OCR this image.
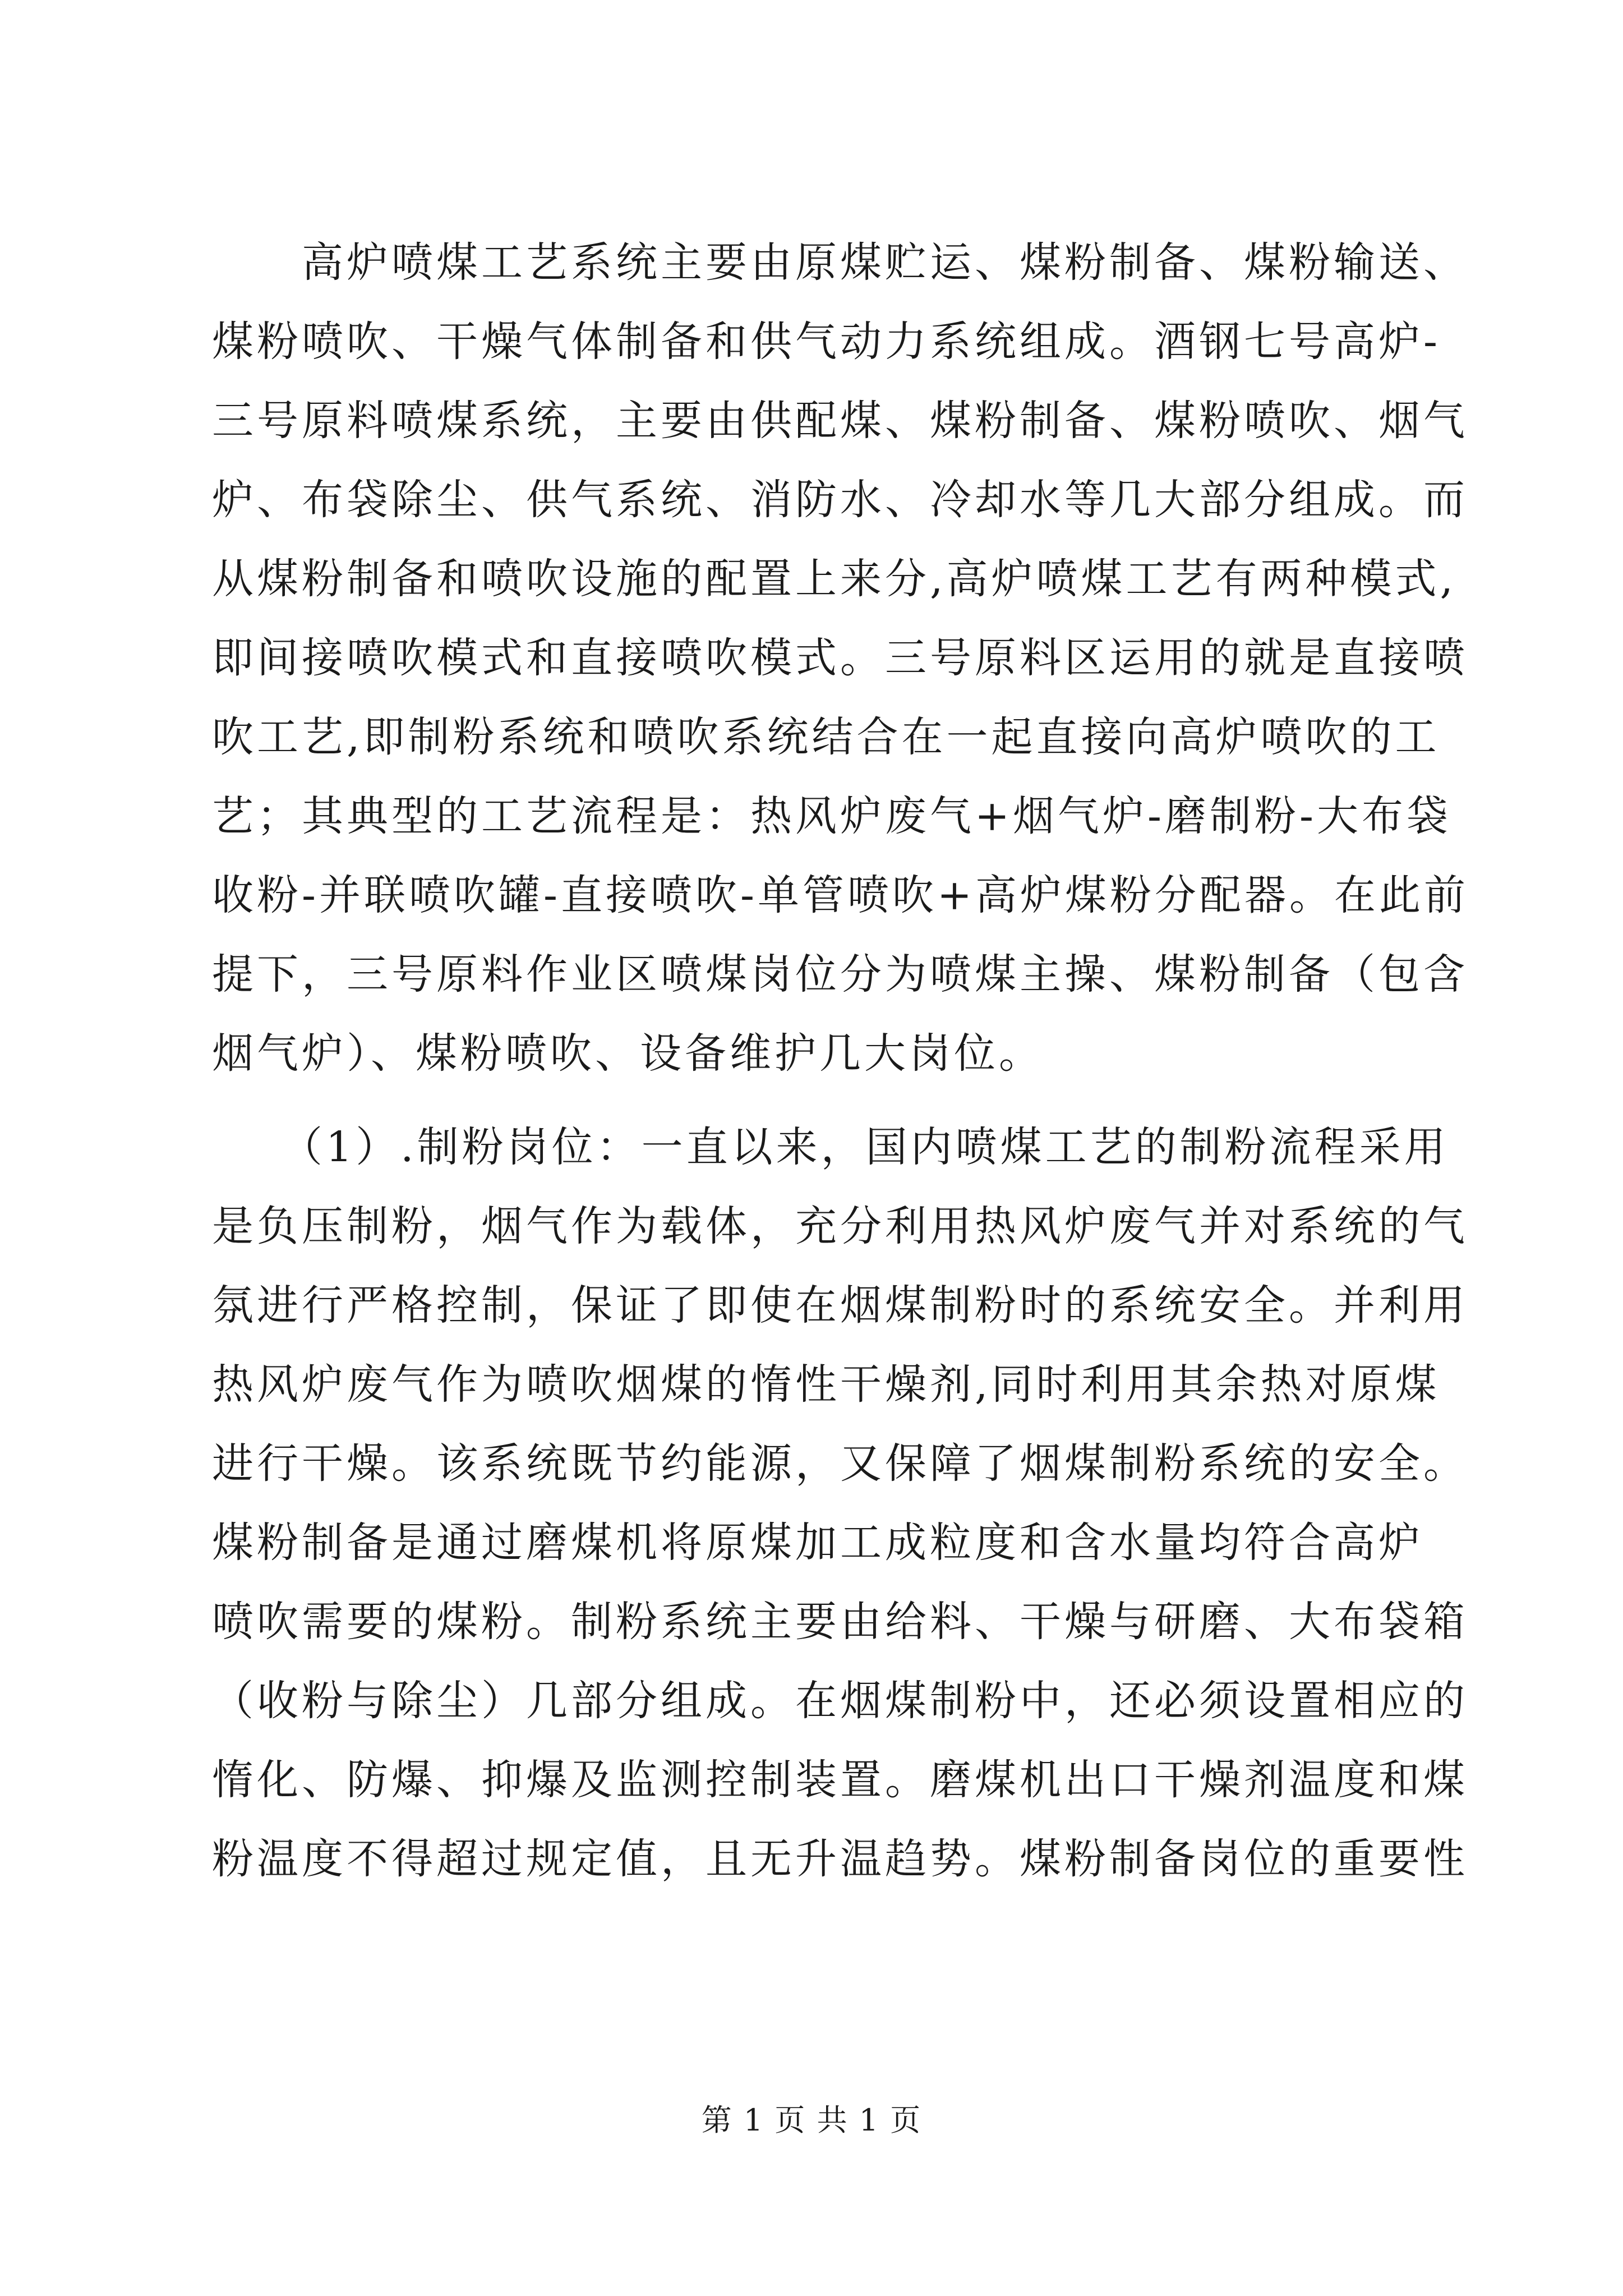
　　高炉喷煤工艺系统主要由原煤贮运、煤粉制备、煤粉输送、
煤粉喷吹、干燥气体制备和供气动力系统组成。酒钢七号高炉-
三号原料喷煤系统，主要由供配煤、煤粉制备、煤粉喷吹、烟气
炉、布袋除尘、供气系统、消防水、冷却水等几大部分组成。而
从煤粉制备和喷吹设施的配置上来分,高炉喷煤工艺有两种模式,
即间接喷吹模式和直接喷吹模式。三号原料区运用的就是直接喷
吹工艺,即制粉系统和喷吹系统结合在一起直接向高炉喷吹的工
艺；其典型的工艺流程是：热风炉废气+烟气炉-磨制粉-大布袋
收粉-并联喷吹罐-直接喷吹-单管喷吹+高炉煤粉分配器。在此前
提下，三号原料作业区喷煤岗位分为喷煤主操、煤粉制备（包含
烟气炉）、煤粉喷吹、设备维护几大岗位。
　　（1）.制粉岗位：一直以来，国内喷煤工艺的制粉流程采用
是负压制粉，烟气作为载体，充分利用热风炉废气并对系统的气
氛进行严格控制，保证了即使在烟煤制粉时的系统安全。并利用
热风炉废气作为喷吹烟煤的惰性干燥剂,同时利用其余热对原煤
进行干燥。该系统既节约能源，又保障了烟煤制粉系统的安全。
煤粉制备是通过磨煤机将原煤加工成粒度和含水量均符合高炉
喷吹需要的煤粉。制粉系统主要由给料、干燥与研磨、大布袋箱
（收粉与除尘）几部分组成。在烟煤制粉中，还必须设置相应的
惰化、防爆、抑爆及监测控制装置。磨煤机出口干燥剂温度和煤
粉温度不得超过规定值，且无升温趋势。煤粉制备岗位的重要性
第 1 页 共 1 页
